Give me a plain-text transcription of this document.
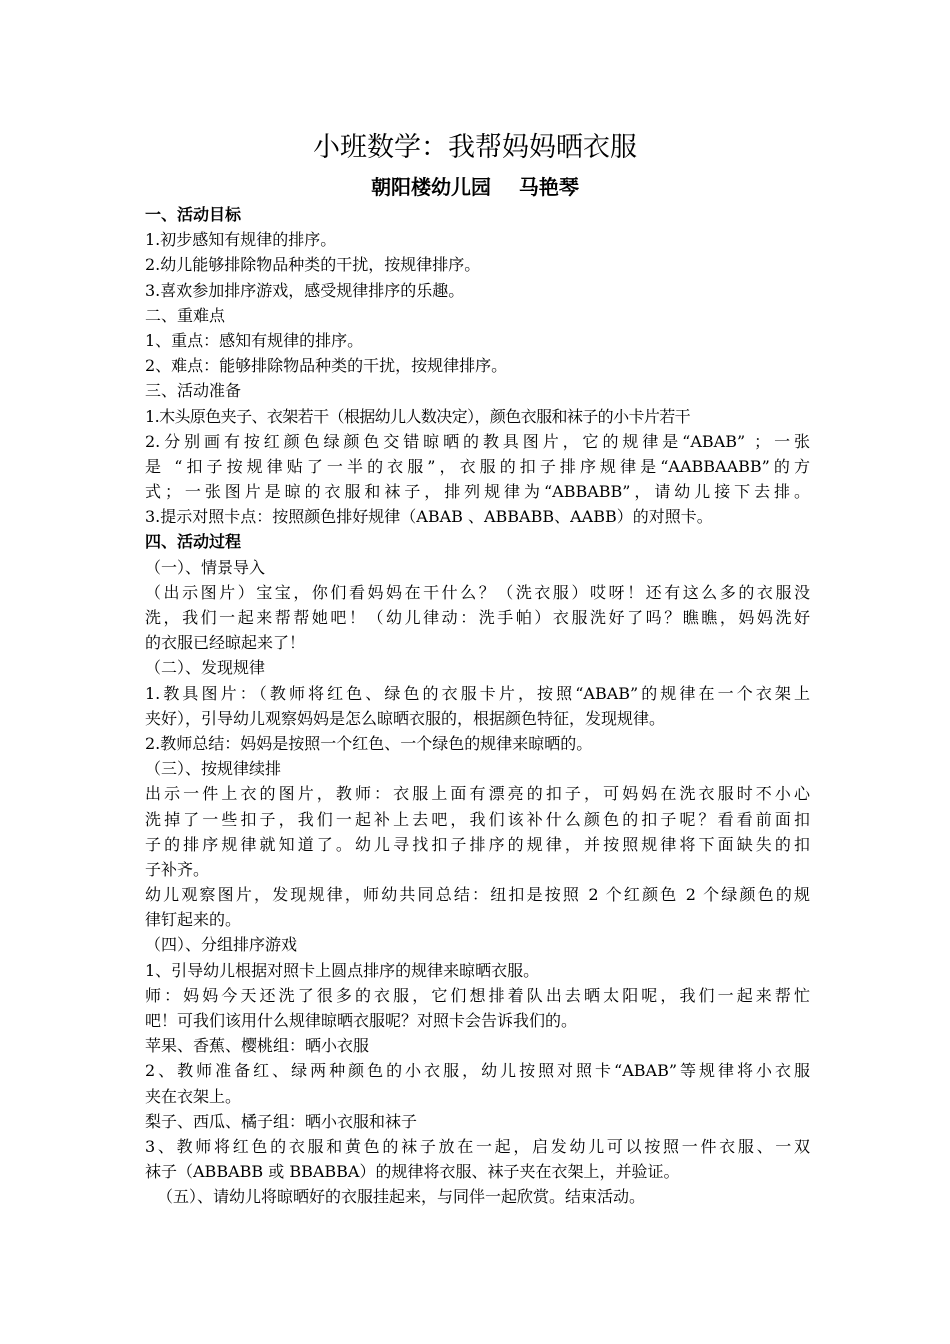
小班数学：我帮妈妈晒衣服
朝阳楼幼儿园    马艳琴
一、活动目标
1.初步感知有规律的排序。
2.幼儿能够排除物品种类的干扰，按规律排序。
3.喜欢参加排序游戏，感受规律排序的乐趣。
二、重难点
1、重点：感知有规律的排序。
2、难点：能够排除物品种类的干扰，按规律排序。
三、活动准备
1.木头原色夹子、衣架若干（根据幼儿人数决定），颜色衣服和袜子的小卡片若干
2.分别画有按红颜色绿颜色交错晾晒的教具图片，它的规律是“ABAB” ；一张
是 “扣子按规律贴了一半的衣服”，衣服的扣子排序规律是“AABBAABB”的方
式；一张图片是晾的衣服和袜子，排列规律为“ABBABB”，请幼儿接下去排。
3.提示对照卡点：按照颜色排好规律（ABAB 、ABBABB、AABB）的对照卡。
四、活动过程
（一）、情景导入
（出示图片）宝宝，你们看妈妈在干什么？（洗衣服）哎呀！还有这么多的衣服没
洗，我们一起来帮帮她吧！（幼儿律动：洗手帕）衣服洗好了吗？瞧瞧，妈妈洗好
的衣服已经晾起来了！
（二）、发现规律
1.教具图片：（教师将红色、绿色的衣服卡片，按照“ABAB”的规律在一个衣架上
夹好），引导幼儿观察妈妈是怎么晾晒衣服的，根据颜色特征，发现规律。
2.教师总结：妈妈是按照一个红色、一个绿色的规律来晾晒的。
（三）、按规律续排
出示一件上衣的图片，教师：衣服上面有漂亮的扣子，可妈妈在洗衣服时不小心
洗掉了一些扣子，我们一起补上去吧，我们该补什么颜色的扣子呢？看看前面扣
子的排序规律就知道了。幼儿寻找扣子排序的规律，并按照规律将下面缺失的扣
子补齐。
幼儿观察图片，发现规律，师幼共同总结：纽扣是按照 2 个红颜色 2 个绿颜色的规
律钉起来的。
（四）、分组排序游戏
1、引导幼儿根据对照卡上圆点排序的规律来晾晒衣服。
师：妈妈今天还洗了很多的衣服，它们想排着队出去晒太阳呢，我们一起来帮忙
吧！可我们该用什么规律晾晒衣服呢？对照卡会告诉我们的。
苹果、香蕉、樱桃组：晒小衣服
2、教师准备红、绿两种颜色的小衣服，幼儿按照对照卡“ABAB”等规律将小衣服
夹在衣架上。
梨子、西瓜、橘子组：晒小衣服和袜子
3、教师将红色的衣服和黄色的袜子放在一起，启发幼儿可以按照一件衣服、一双
袜子（ABBABB 或 BBABBA）的规律将衣服、袜子夹在衣架上，并验证。
（五）、请幼儿将晾晒好的衣服挂起来，与同伴一起欣赏。结束活动。
